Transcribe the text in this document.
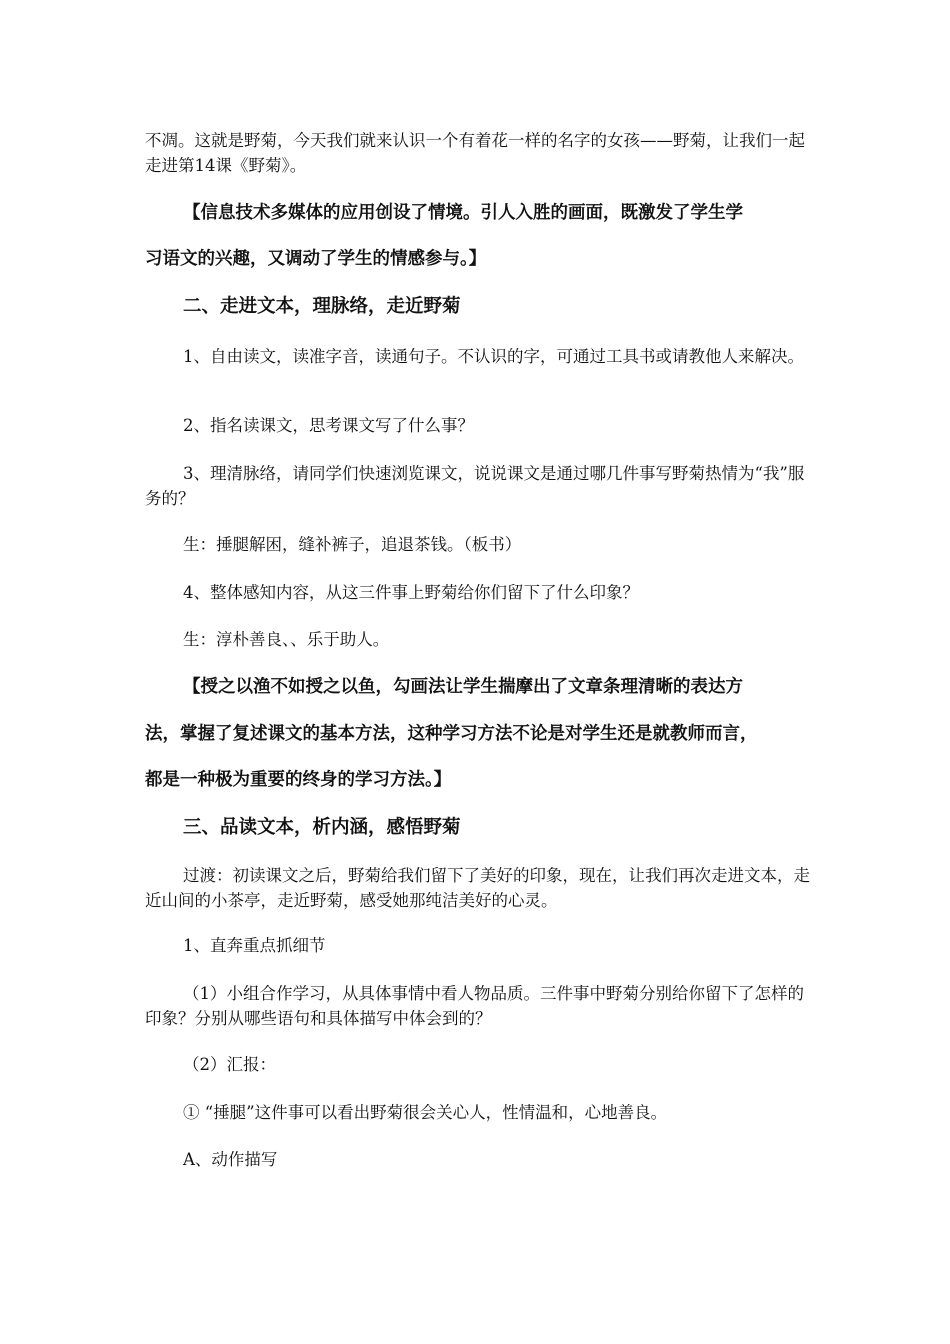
不凋。这就是野菊，今天我们就来认识一个有着花一样的名字的女孩——野菊，让我们一起走进第14课《野菊》。

【信息技术多媒体的应用创设了情境。引人入胜的画面，既激发了学生学

习语文的兴趣，又调动了学生的情感参与。】

二、走进文本，理脉络，走近野菊

1、自由读文，读准字音，读通句子。不认识的字，可通过工具书或请教他人来解决。

2、指名读课文，思考课文写了什么事？

3、理清脉络，请同学们快速浏览课文，说说课文是通过哪几件事写野菊热情为“我”服务的？

生：捶腿解困，缝补裤子，追退茶钱。（板书）

4、整体感知内容，从这三件事上野菊给你们留下了什么印象？

生：淳朴善良、、乐于助人。

【授之以渔不如授之以鱼，勾画法让学生揣摩出了文章条理清晰的表达方

法，掌握了复述课文的基本方法，这种学习方法不论是对学生还是就教师而言，

都是一种极为重要的终身的学习方法。】

三、品读文本，析内涵，感悟野菊

过渡：初读课文之后，野菊给我们留下了美好的印象，现在，让我们再次走进文本，走近山间的小茶亭，走近野菊，感受她那纯洁美好的心灵。

1、直奔重点抓细节

（1）小组合作学习，从具体事情中看人物品质。三件事中野菊分别给你留下了怎样的印象？分别从哪些语句和具体描写中体会到的？

（2）汇报：

① “捶腿”这件事可以看出野菊很会关心人，性情温和，心地善良。

A、动作描写
